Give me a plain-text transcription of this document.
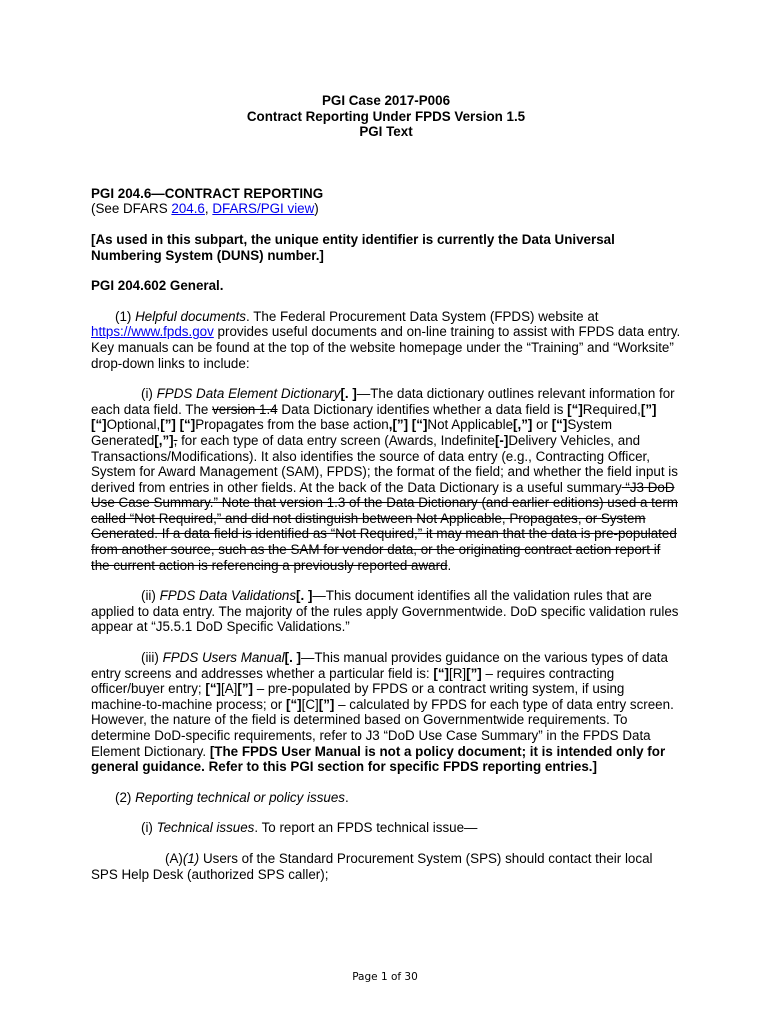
PGI Case 2017-P006
Contract Reporting Under FPDS Version 1.5
PGI Text

PGI 204.6—CONTRACT REPORTING

(See DFARS 204.6, DFARS/PGI view)

[As used in this subpart, the unique entity identifier is currently the Data Universal Numbering System (DUNS) number.]

PGI 204.602 General.

(1) Helpful documents. The Federal Procurement Data System (FPDS) website at https://www.fpds.gov provides useful documents and on-line training to assist with FPDS data entry. Key manuals can be found at the top of the website homepage under the “Training” and “Worksite” drop-down links to include:

(i) FPDS Data Element Dictionary[. ]—The data dictionary outlines relevant information for each data field. The version 1.4 Data Dictionary identifies whether a data field is [“]Required,[”] [“]Optional,[”] [“]Propagates from the base action,[”] [“]Not Applicable[,”] or [“]System Generated[,”], for each type of data entry screen (Awards, Indefinite[-]Delivery Vehicles, and Transactions/Modifications). It also identifies the source of data entry (e.g., Contracting Officer, System for Award Management (SAM), FPDS); the format of the field; and whether the field input is derived from entries in other fields. At the back of the Data Dictionary is a useful summary “J3 DoD Use Case Summary.” Note that version 1.3 of the Data Dictionary (and earlier editions) used a term called “Not Required,” and did not distinguish between Not Applicable, Propagates, or System Generated. If a data field is identified as “Not Required,” it may mean that the data is pre-populated from another source, such as the SAM for vendor data, or the originating contract action report if the current action is referencing a previously reported award.

(ii) FPDS Data Validations[. ]—This document identifies all the validation rules that are applied to data entry. The majority of the rules apply Governmentwide. DoD specific validation rules appear at “J5.5.1 DoD Specific Validations.”

(iii) FPDS Users Manual[. ]—This manual provides guidance on the various types of data entry screens and addresses whether a particular field is: [“][R][”] – requires contracting officer/buyer entry; [“][A][”] – pre-populated by FPDS or a contract writing system, if using machine-to-machine process; or [“][C][”] – calculated by FPDS for each type of data entry screen. However, the nature of the field is determined based on Governmentwide requirements. To determine DoD-specific requirements, refer to J3 “DoD Use Case Summary” in the FPDS Data Element Dictionary. [The FPDS User Manual is not a policy document; it is intended only for general guidance. Refer to this PGI section for specific FPDS reporting entries.]

(2) Reporting technical or policy issues.

(i) Technical issues. To report an FPDS technical issue—

(A)(1) Users of the Standard Procurement System (SPS) should contact their local SPS Help Desk (authorized SPS caller);

Page 1 of 30
